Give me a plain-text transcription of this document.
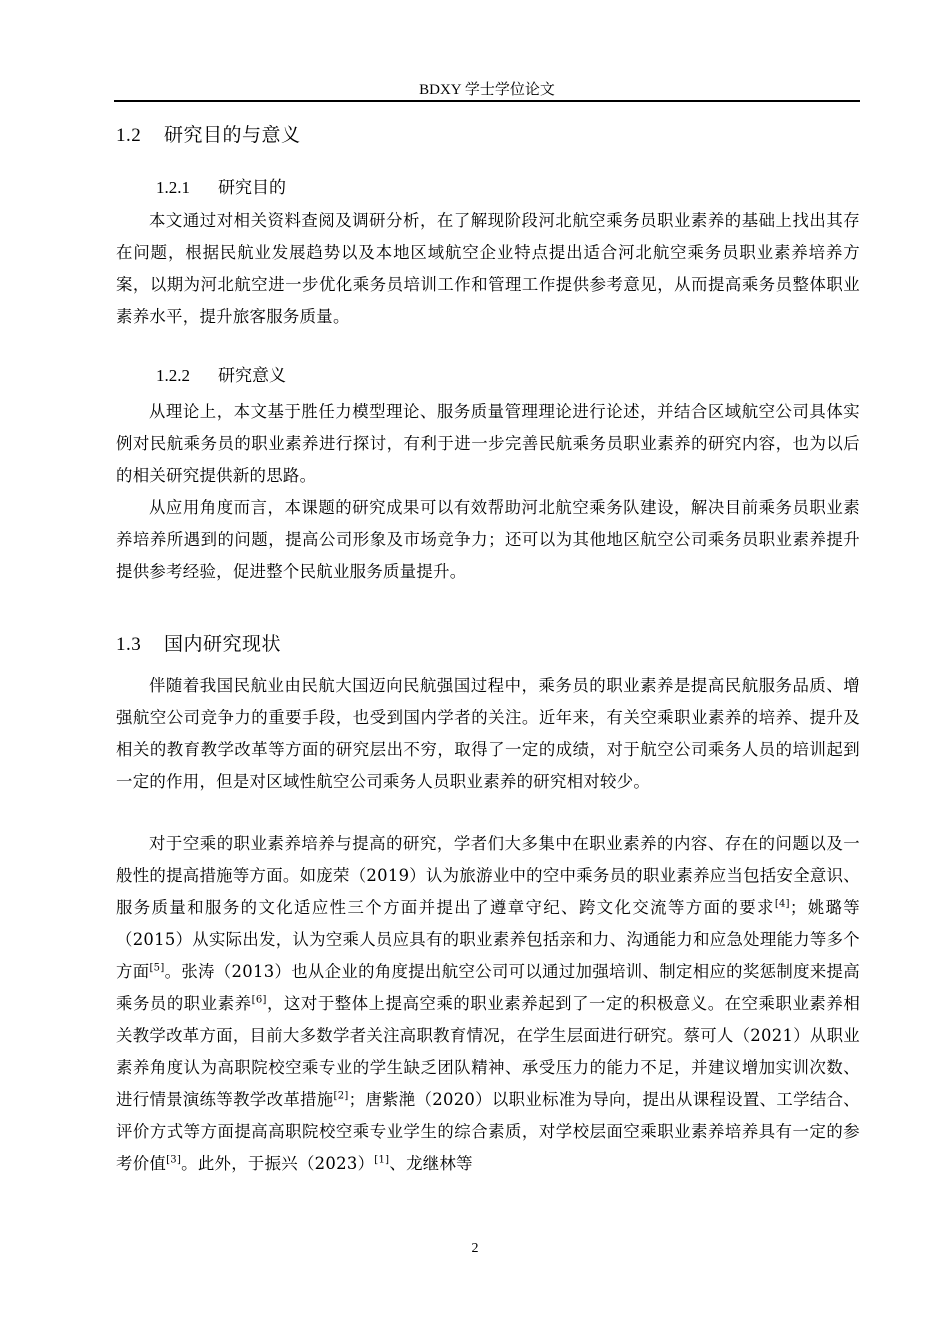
BDXY 学士学位论文
1.2 研究目的与意义
1.2.1 研究目的
本文通过对相关资料查阅及调研分析，在了解现阶段河北航空乘务员职业素养的基础上找出其存在问题，根据民航业发展趋势以及本地区域航空企业特点提出适合河北航空乘务员职业素养培养方案，以期为河北航空进一步优化乘务员培训工作和管理工作提供参考意见，从而提高乘务员整体职业素养水平，提升旅客服务质量。
1.2.2 研究意义
从理论上，本文基于胜任力模型理论、服务质量管理理论进行论述，并结合区域航空公司具体实例对民航乘务员的职业素养进行探讨，有利于进一步完善民航乘务员职业素养的研究内容，也为以后的相关研究提供新的思路。
从应用角度而言，本课题的研究成果可以有效帮助河北航空乘务队建设，解决目前乘务员职业素养培养所遇到的问题，提高公司形象及市场竞争力；还可以为其他地区航空公司乘务员职业素养提升提供参考经验，促进整个民航业服务质量提升。
1.3 国内研究现状
伴随着我国民航业由民航大国迈向民航强国过程中，乘务员的职业素养是提高民航服务品质、增强航空公司竞争力的重要手段，也受到国内学者的关注。近年来，有关空乘职业素养的培养、提升及相关的教育教学改革等方面的研究层出不穷，取得了一定的成绩，对于航空公司乘务人员的培训起到一定的作用，但是对区域性航空公司乘务人员职业素养的研究相对较少。
对于空乘的职业素养培养与提高的研究，学者们大多集中在职业素养的内容、存在的问题以及一般性的提高措施等方面。如庞荣（2019）认为旅游业中的空中乘务员的职业素养应当包括安全意识、服务质量和服务的文化适应性三个方面并提出了遵章守纪、跨文化交流等方面的要求[4]；姚璐等（2015）从实际出发，认为空乘人员应具有的职业素养包括亲和力、沟通能力和应急处理能力等多个方面[5]。张涛（2013）也从企业的角度提出航空公司可以通过加强培训、制定相应的奖惩制度来提高乘务员的职业素养[6]，这对于整体上提高空乘的职业素养起到了一定的积极意义。在空乘职业素养相关教学改革方面，目前大多数学者关注高职教育情况，在学生层面进行研究。蔡可人（2021）从职业素养角度认为高职院校空乘专业的学生缺乏团队精神、承受压力的能力不足，并建议增加实训次数、进行情景演练等教学改革措施[2]；唐紫滟（2020）以职业标准为导向，提出从课程设置、工学结合、评价方式等方面提高高职院校空乘专业学生的综合素质，对学校层面空乘职业素养培养具有一定的参考价值[3]。此外，于振兴（2023）[1]、龙继林等
2
